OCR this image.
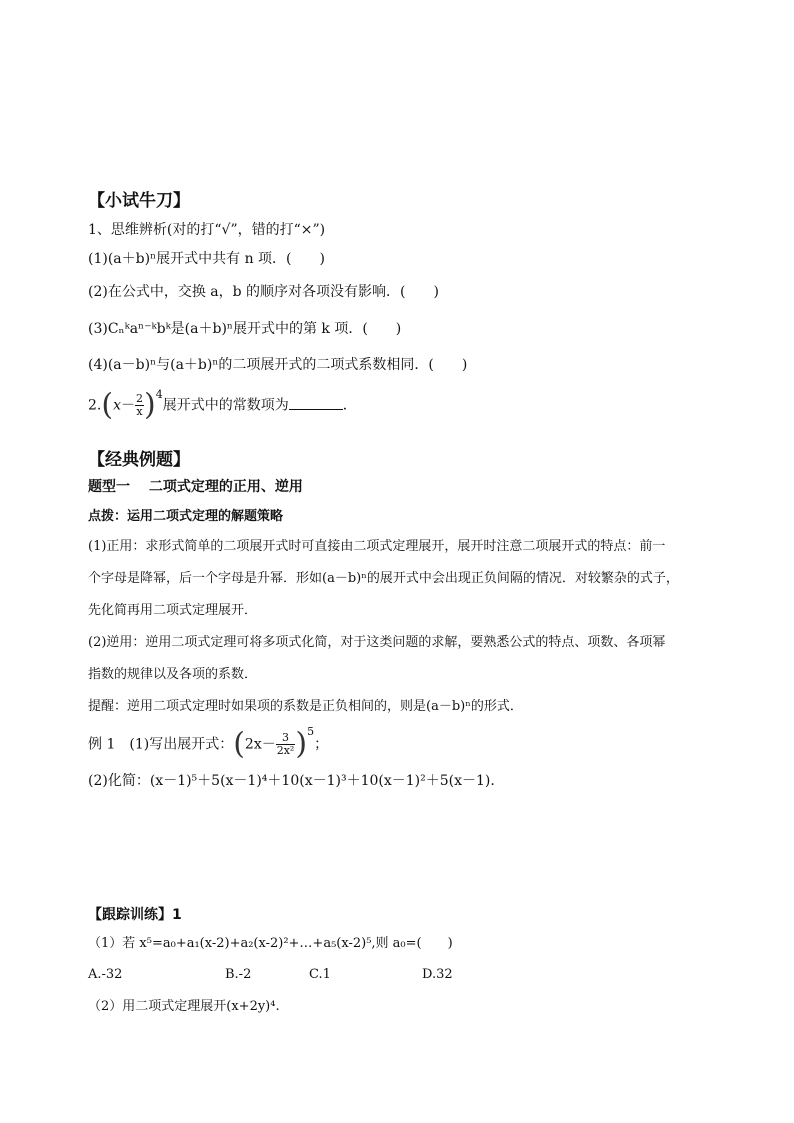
【小试牛刀】
1、思维辨析(对的打“√”，错的打“×”)
(1)(a＋b)ⁿ展开式中共有 n 项．(　　)
(2)在公式中，交换 a，b 的顺序对各项没有影响．(　　)
(3)Cₙᵏaⁿ⁻ᵏbᵏ是(a＋b)ⁿ展开式中的第 k 项．(　　)
(4)(a－b)ⁿ与(a＋b)ⁿ的二项展开式的二项式系数相同．(　　)
$2.(x- \frac{2}{x} )^4$展开式中的常数项为	．
【经典例题】
题型一　 二项式定理的正用、逆用
点拨：运用二项式定理的解题策略
(1)正用：求形式简单的二项展开式时可直接由二项式定理展开，展开时注意二项展开式的特点：前一
个字母是降幂，后一个字母是升幂．形如(a－b)ⁿ的展开式中会出现正负间隔的情况．对较繁杂的式子，
先化简再用二项式定理展开．
(2)逆用：逆用二项式定理可将多项式化简，对于这类问题的求解，要熟悉公式的特点、项数、各项幂
指数的规律以及各项的系数．
提醒：逆用二项式定理时如果项的系数是正负相间的，则是(a－b)ⁿ的形式．
例 1　(1)写出展开式：$(2x- \frac{3}{\text{2x²}} )^5$；
(2)化简：(x－1)⁵＋5(x－1)⁴＋10(x－1)³＋10(x－1)²＋5(x－1).
【跟踪训练】1
（1）若 x⁵=a₀+a₁(x-2)+a₂(x-2)²+…+a₅(x-2)⁵,则 a₀=(　　)
A.-32	B.-2	C.1	D.32
（2）用二项式定理展开(x+2y)⁴.
